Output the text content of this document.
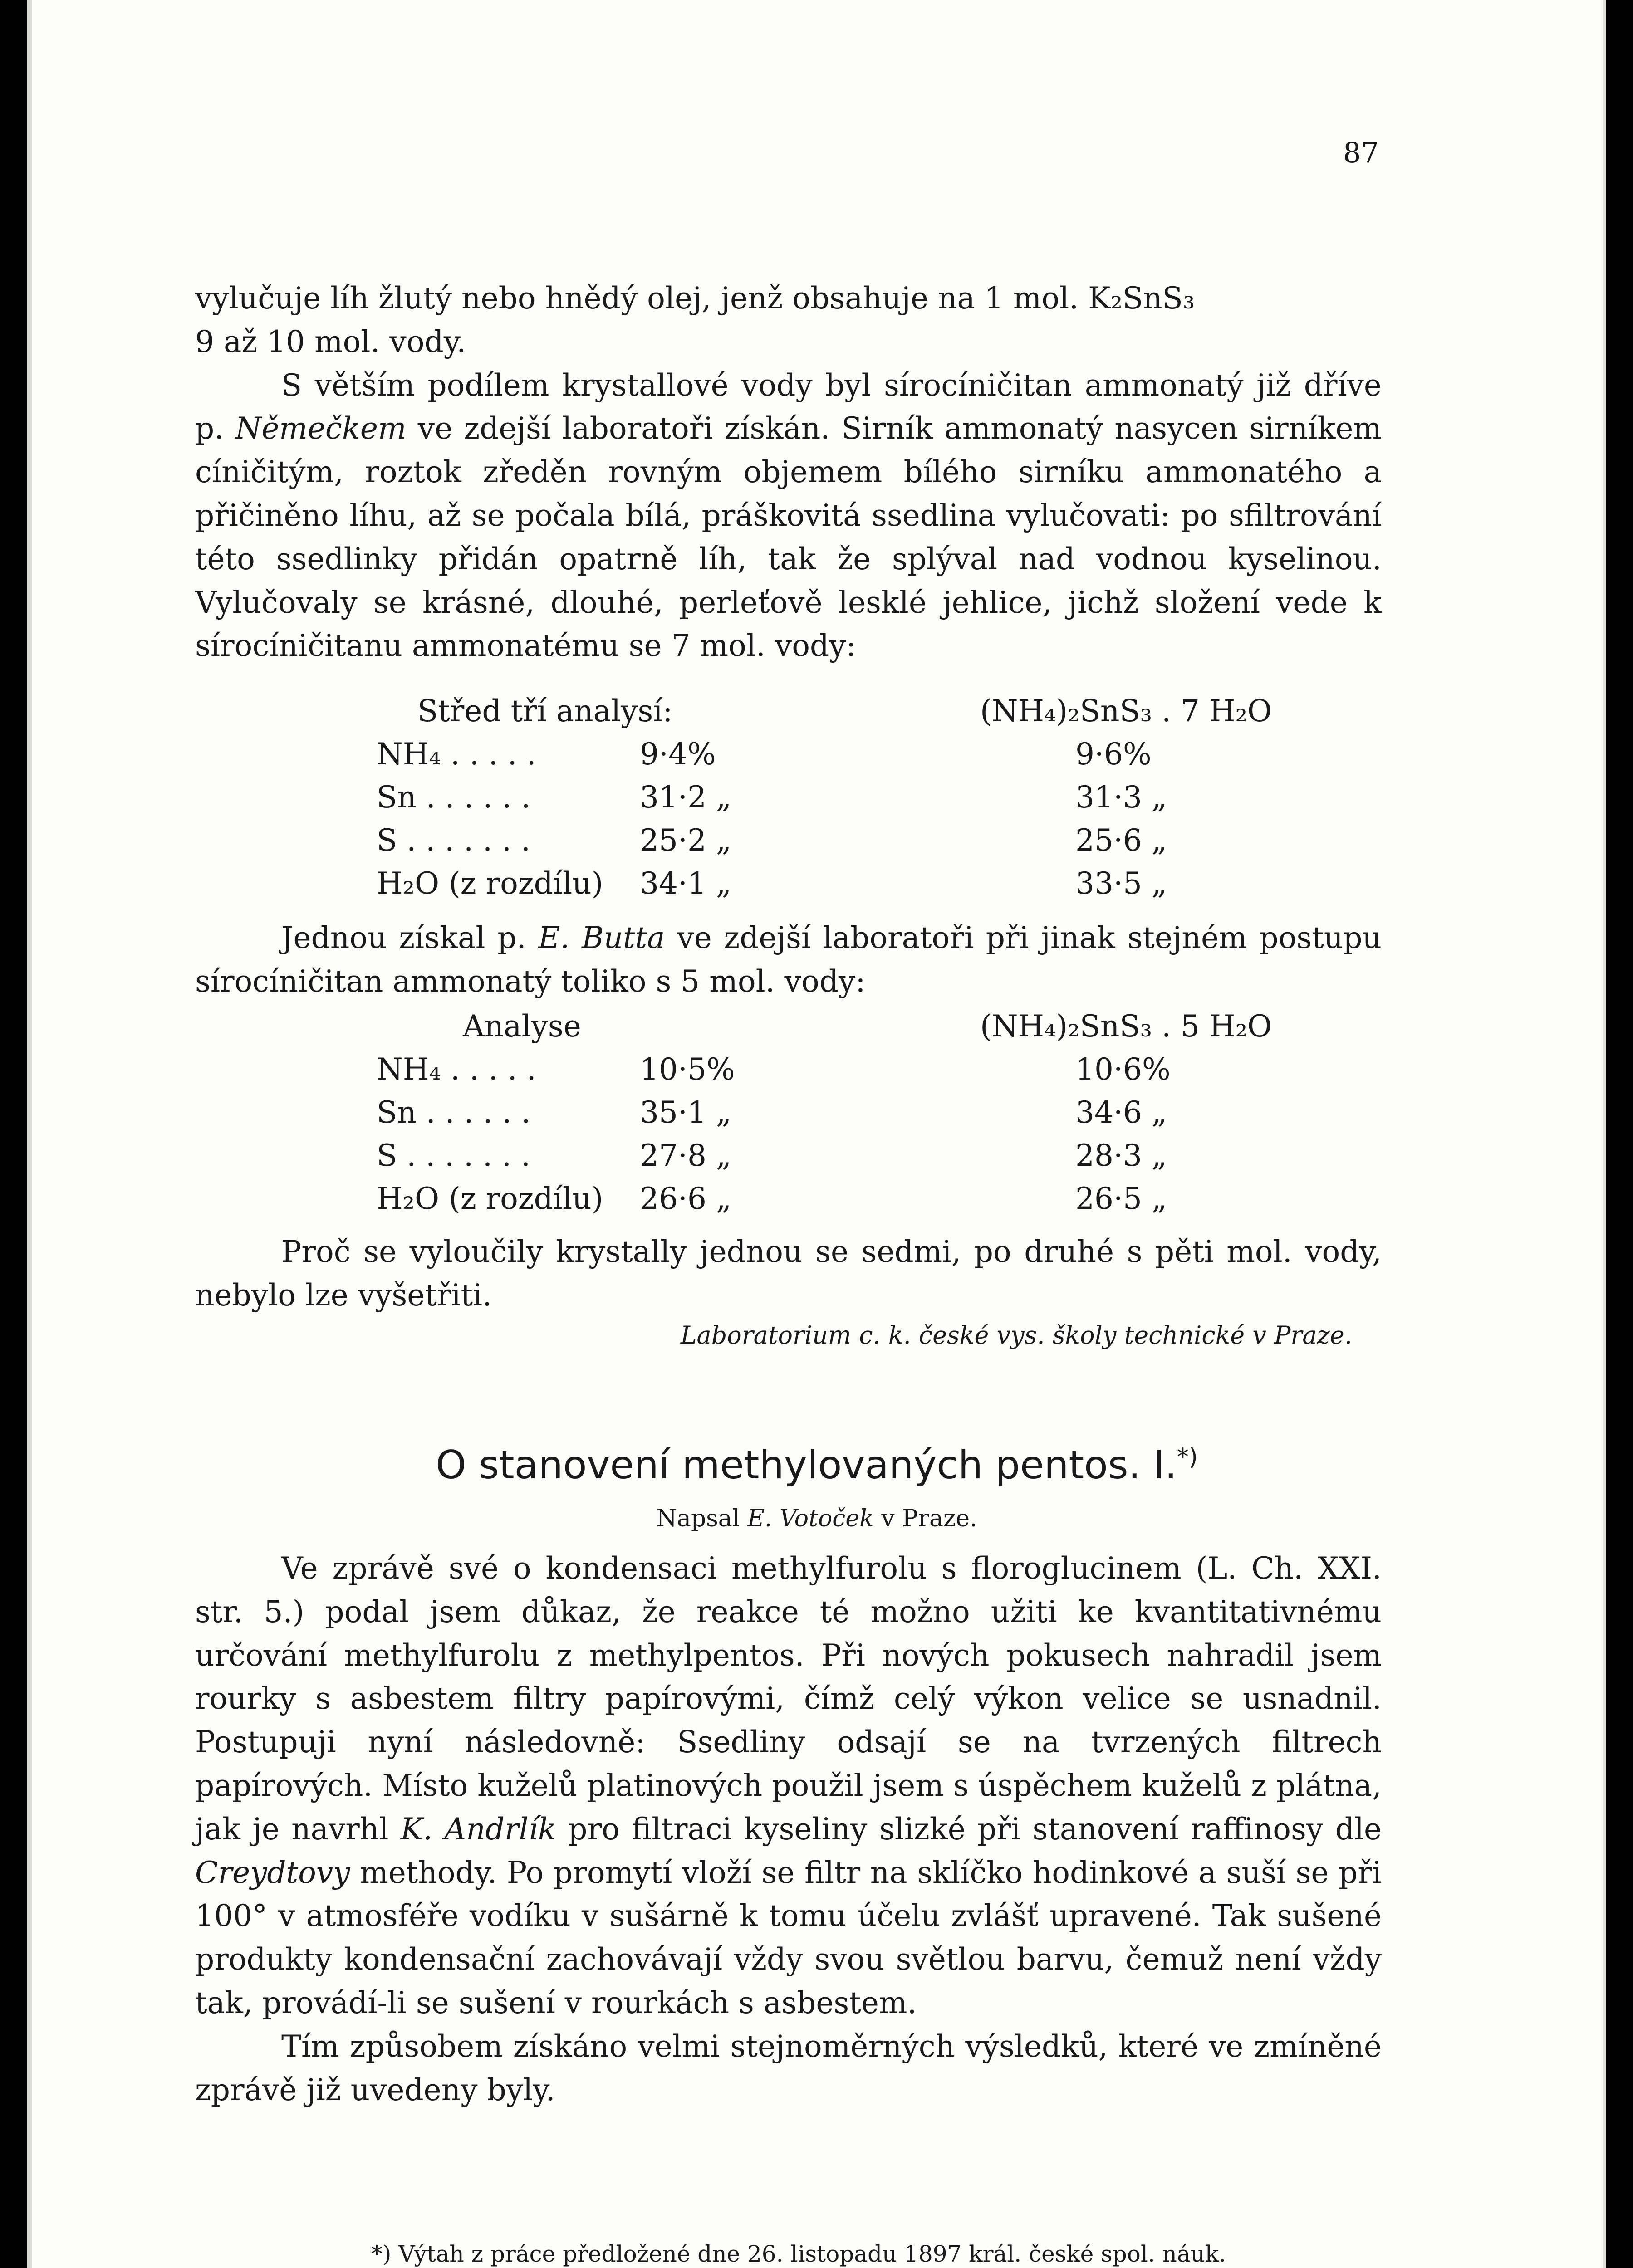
87

vylučuje líh žlutý nebo hnědý olej, jenž obsahuje na 1 mol. K₂SnS₃

9 až 10 mol. vody.

S větším podílem krystallové vody byl sírocíničitan ammonatý již dříve p. Němečkem ve zdejší laboratoři získán. Sirník ammonatý nasycen sirníkem cíničitým, roztok zředěn rovným objemem bílého sirníku ammonatého a přičiněno líhu, až se počala bílá, práškovitá ssedlina vylučovati: po sfiltrování této ssedlinky přidán opatrně líh, tak že splýval nad vodnou kyselinou. Vylučovaly se krásné, dlouhé, perleťově lesklé jehlice, jichž složení vede k sírocíničitanu ammonatému se 7 mol. vody:

Střed tří analysí:	(NH₄)₂SnS₃ . 7 H₂O
NH₄ . . . . .	9·4%	9·6%
Sn . . . . . .	31·2 „	31·3 „
S . . . . . . .	25·2 „	25·6 „
H₂O (z rozdílu) 34·1 „	33·5 „

Jednou získal p. E. Butta ve zdejší laboratoři při jinak stejném postupu sírocíničitan ammonatý toliko s 5 mol. vody:

Analyse	(NH₄)₂SnS₃ . 5 H₂O
NH₄ . . . . .	10·5%	10·6%
Sn . . . . . .	35·1 „	34·6 „
S . . . . . . .	27·8 „	28·3 „
H₂O (z rozdílu) 26·6 „	26·5 „

Proč se vyloučily krystally jednou se sedmi, po druhé s pěti mol. vody, nebylo lze vyšetřiti.

Laboratorium c. k. české vys. školy technické v Praze.
O stanovení methylovaných pentos. I.*)
Napsal E. Votoček v Praze.

Ve zprávě své o kondensaci methylfurolu s floroglucinem (L. Ch. XXI. str. 5.) podal jsem důkaz, že reakce té možno užiti ke kvantitativnému určování methylfurolu z methylpentos. Při nových pokusech nahradil jsem rourky s asbestem filtry papírovými, čímž celý výkon velice se usnadnil. Postupuji nyní následovně: Ssedliny odsají se na tvrzených filtrech papírových. Místo kuželů platinových použil jsem s úspěchem kuželů z plátna, jak je navrhl K. Andrlík pro filtraci kyseliny slizké při stanovení raffinosy dle Creydtovy methody. Po promytí vloží se filtr na sklíčko hodinkové a suší se při 100° v atmosféře vodíku v sušárně k tomu účelu zvlášť upravené. Tak sušené produkty kondensační zachovávají vždy svou světlou barvu, čemuž není vždy tak, provádí-li se sušení v rourkách s asbestem.

Tím způsobem získáno velmi stejnoměrných výsledků, které ve zmíněné zprávě již uvedeny byly.

*) Výtah z práce předložené dne 26. listopadu 1897 král. české spol. náuk.
